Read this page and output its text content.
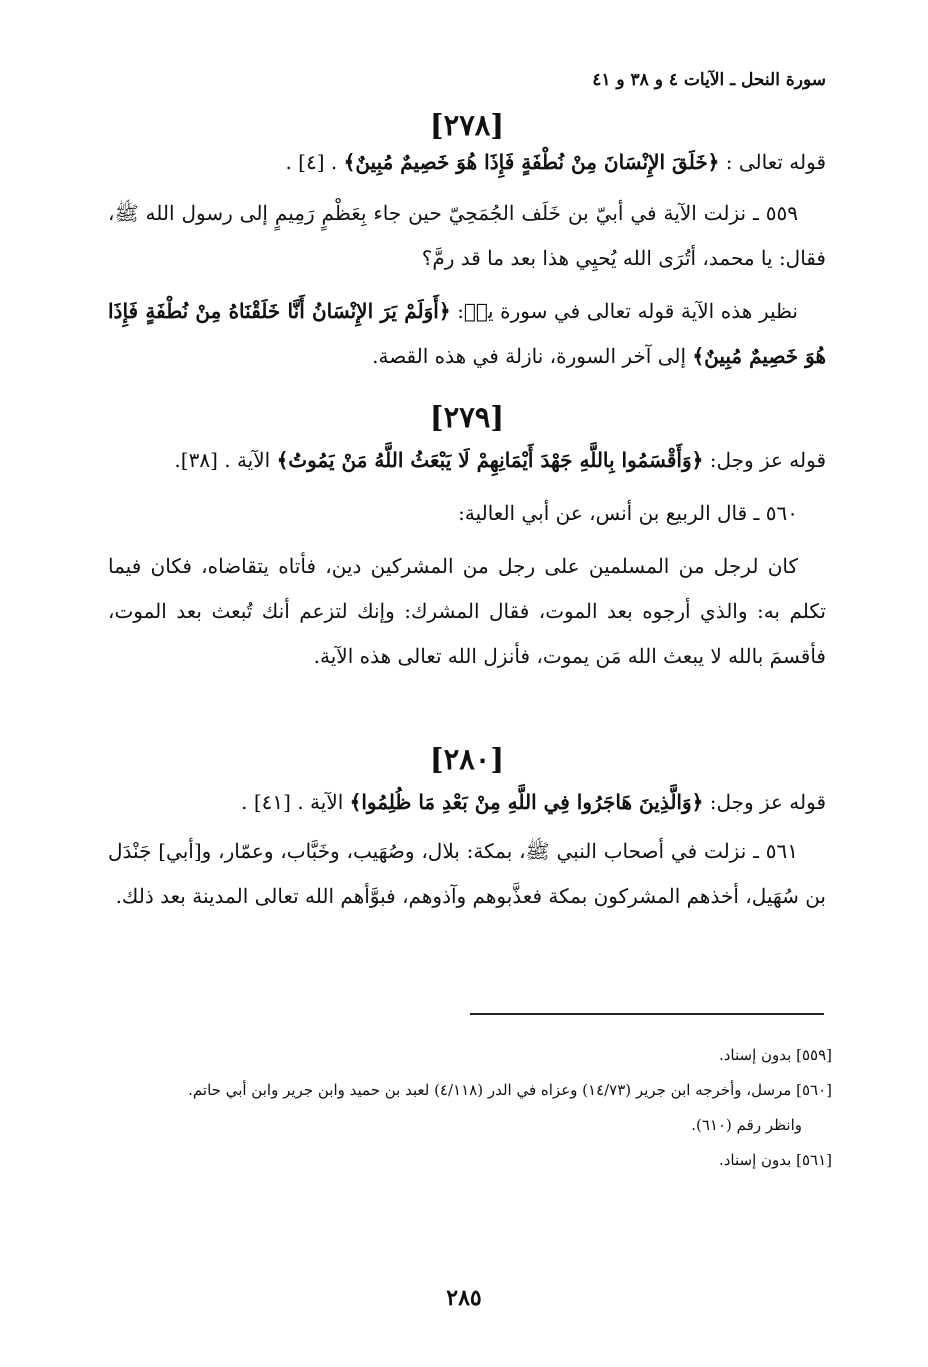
سورة النحل ـ الآيات ٤ و ٣٨ و ٤١
[٢٧٨]

قوله تعالى : ﴿خَلَقَ الإِنْسَانَ مِنْ نُطْفَةٍ فَإِذَا هُوَ خَصِيمٌ مُبِينٌ﴾ . [٤] .

٥٥٩ ـ نزلت الآية في أبيّ بن خَلَف الجُمَحِيّ حين جاء بِعَظْمٍ رَمِيمٍ إلى رسول الله ﷺ، فقال: يا محمد، أتُرَى الله يُحيِي هذا بعد ما قد رمَّ؟

نظير هذه الآية قوله تعالى في سورة يسۤ: ﴿أَوَلَمْ يَرَ الإِنْسَانُ أَنَّا خَلَقْنَاهُ مِنْ نُطْفَةٍ فَإِذَا هُوَ خَصِيمٌ مُبِينٌ﴾ إلى آخر السورة، نازلة في هذه القصة.

[٢٧٩]

قوله عز وجل: ﴿وَأَقْسَمُوا بِاللَّهِ جَهْدَ أَيْمَانِهِمْ لَا يَبْعَثُ اللَّهُ مَنْ يَمُوتُ﴾ الآية . [٣٨].

٥٦٠ ـ قال الربيع بن أنس، عن أبي العالية:

كان لرجل من المسلمين على رجل من المشركين دين، فأتاه يتقاضاه، فكان فيما تكلم به: والذي أرجوه بعد الموت، فقال المشرك: وإنك لتزعم أنك تُبعث بعد الموت، فأقسمَ بالله لا يبعث الله مَن يموت، فأنزل الله تعالى هذه الآية.

[٢٨٠]

قوله عز وجل: ﴿وَالَّذِينَ هَاجَرُوا فِي اللَّهِ مِنْ بَعْدِ مَا ظُلِمُوا﴾ الآية . [٤١] .

٥٦١ ـ نزلت في أصحاب النبي ﷺ، بمكة: بلال، وصُهَيب، وخَبَّاب، وعمّار، و[أبي] جَنْدَل بن سُهَيل، أخذهم المشركون بمكة فعذَّبوهم وآذوهم، فبوَّأهم الله تعالى المدينة بعد ذلك.

[٥٥٩] بدون إسناد.

[٥٦٠] مرسل، وأخرجه ابن جرير (١٤/٧٣) وعزاه في الدر (٤/١١٨) لعبد بن حميد وابن جرير وابن أبي حاتم.

وانظر رقم (٦١٠).

[٥٦١] بدون إسناد.

٢٨٥
